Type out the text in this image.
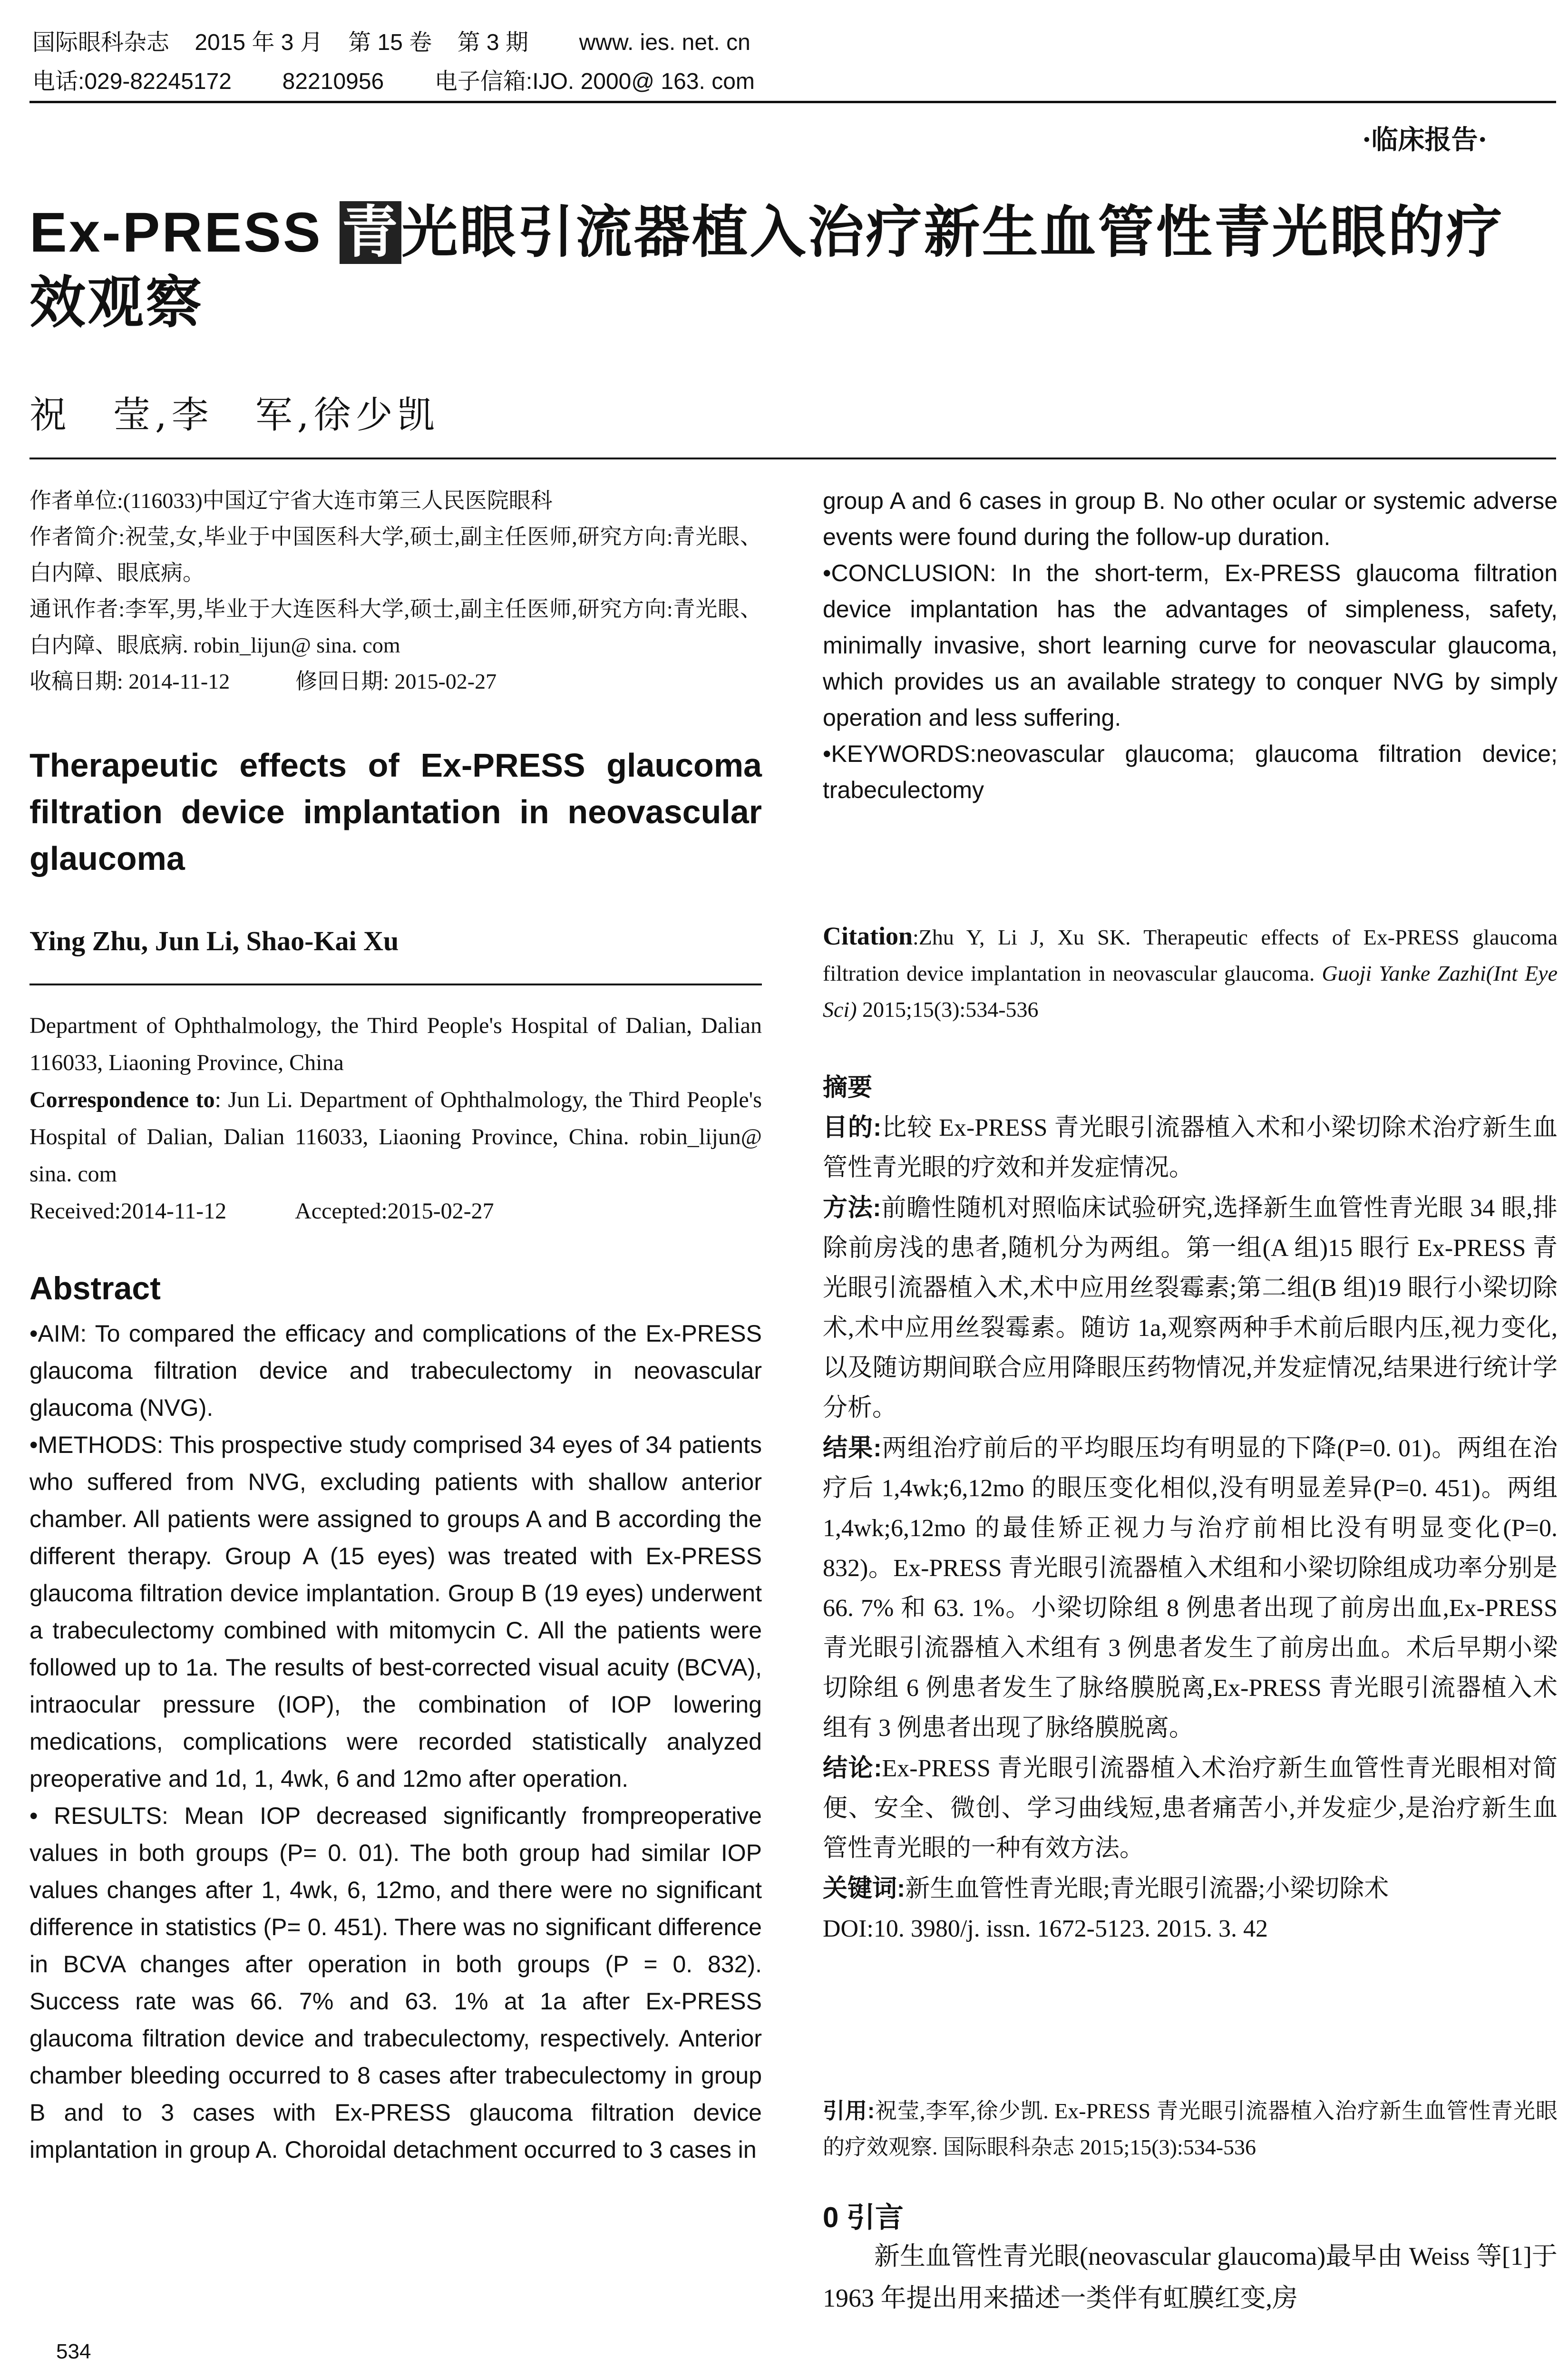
国际眼科杂志    2015 年 3 月    第 15 卷    第 3 期        www. ies. net. cn
电话:029-82245172        82210956        电子信箱:IJO. 2000@ 163. com
·临床报告·
Ex-PRESS 青光眼引流器植入治疗新生血管性青光眼的疗效观察
祝　莹,李　军,徐少凯

作者单位:(116033)中国辽宁省大连市第三人民医院眼科

作者简介:祝莹,女,毕业于中国医科大学,硕士,副主任医师,研究方向:青光眼、白内障、眼底病。

通讯作者:李军,男,毕业于大连医科大学,硕士,副主任医师,研究方向:青光眼、白内障、眼底病. robin_lijun@ sina. com

收稿日期: 2014-11-12　　　修回日期: 2015-02-27

Therapeutic effects of Ex-PRESS glaucoma filtration device implantation in neovascular glaucoma
Ying Zhu, Jun Li, Shao-Kai Xu

Department of Ophthalmology, the Third People's Hospital of Dalian, Dalian 116033, Liaoning Province, China

Correspondence to: Jun Li. Department of Ophthalmology, the Third People's Hospital of Dalian, Dalian 116033, Liaoning Province, China. robin_lijun@ sina. com

Received:2014-11-12　　　Accepted:2015-02-27

Abstract

•AIM: To compared the efficacy and complications of the Ex-PRESS glaucoma filtration device and trabeculectomy in neovascular glaucoma (NVG).

•METHODS: This prospective study comprised 34 eyes of 34 patients who suffered from NVG, excluding patients with shallow anterior chamber. All patients were assigned to groups A and B according the different therapy. Group A (15 eyes) was treated with Ex-PRESS glaucoma filtration device implantation. Group B (19 eyes) underwent a trabeculectomy combined with mitomycin C. All the patients were followed up to 1a. The results of best-corrected visual acuity (BCVA), intraocular pressure (IOP), the combination of IOP lowering medications, complications were recorded statistically analyzed preoperative and 1d, 1, 4wk, 6 and 12mo after operation.

• RESULTS: Mean IOP decreased significantly frompreoperative values in both groups (P= 0. 01). The both group had similar IOP values changes after 1, 4wk, 6, 12mo, and there were no significant difference in statistics (P= 0. 451). There was no significant difference in BCVA changes after operation in both groups (P = 0. 832). Success rate was 66. 7% and 63. 1% at 1a after Ex-PRESS glaucoma filtration device and trabeculectomy, respectively. Anterior chamber bleeding occurred to 8 cases after trabeculectomy in group B and to 3 cases with Ex-PRESS glaucoma filtration device implantation in group A. Choroidal detachment occurred to 3 cases in

534

group A and 6 cases in group B. No other ocular or systemic adverse events were found during the follow-up duration.

•CONCLUSION: In the short-term, Ex-PRESS glaucoma filtration device implantation has the advantages of simpleness, safety, minimally invasive, short learning curve for neovascular glaucoma, which provides us an available strategy to conquer NVG by simply operation and less suffering.

•KEYWORDS:neovascular glaucoma; glaucoma filtration device; trabeculectomy

Citation:Zhu Y, Li J, Xu SK. Therapeutic effects of Ex-PRESS glaucoma filtration device implantation in neovascular glaucoma. Guoji Yanke Zazhi(Int Eye Sci) 2015;15(3):534-536

摘要

目的:比较 Ex-PRESS 青光眼引流器植入术和小梁切除术治疗新生血管性青光眼的疗效和并发症情况。

方法:前瞻性随机对照临床试验研究,选择新生血管性青光眼 34 眼,排除前房浅的患者,随机分为两组。第一组(A 组)15 眼行 Ex-PRESS 青光眼引流器植入术,术中应用丝裂霉素;第二组(B 组)19 眼行小梁切除术,术中应用丝裂霉素。随访 1a,观察两种手术前后眼内压,视力变化,以及随访期间联合应用降眼压药物情况,并发症情况,结果进行统计学分析。

结果:两组治疗前后的平均眼压均有明显的下降(P=0. 01)。两组在治疗后 1,4wk;6,12mo 的眼压变化相似,没有明显差异(P=0. 451)。两组 1,4wk;6,12mo 的最佳矫正视力与治疗前相比没有明显变化(P=0. 832)。Ex-PRESS 青光眼引流器植入术组和小梁切除组成功率分别是 66. 7% 和 63. 1%。小梁切除组 8 例患者出现了前房出血,Ex-PRESS 青光眼引流器植入术组有 3 例患者发生了前房出血。术后早期小梁切除组 6 例患者发生了脉络膜脱离,Ex-PRESS 青光眼引流器植入术组有 3 例患者出现了脉络膜脱离。

结论:Ex-PRESS 青光眼引流器植入术治疗新生血管性青光眼相对简便、安全、微创、学习曲线短,患者痛苦小,并发症少,是治疗新生血管性青光眼的一种有效方法。

关键词:新生血管性青光眼;青光眼引流器;小梁切除术

DOI:10. 3980/j. issn. 1672-5123. 2015. 3. 42

引用:祝莹,李军,徐少凯. Ex-PRESS 青光眼引流器植入治疗新生血管性青光眼的疗效观察. 国际眼科杂志 2015;15(3):534-536

0 引言
新生血管性青光眼(neovascular glaucoma)最早由 Weiss 等[1]于 1963 年提出用来描述一类伴有虹膜红变,房
